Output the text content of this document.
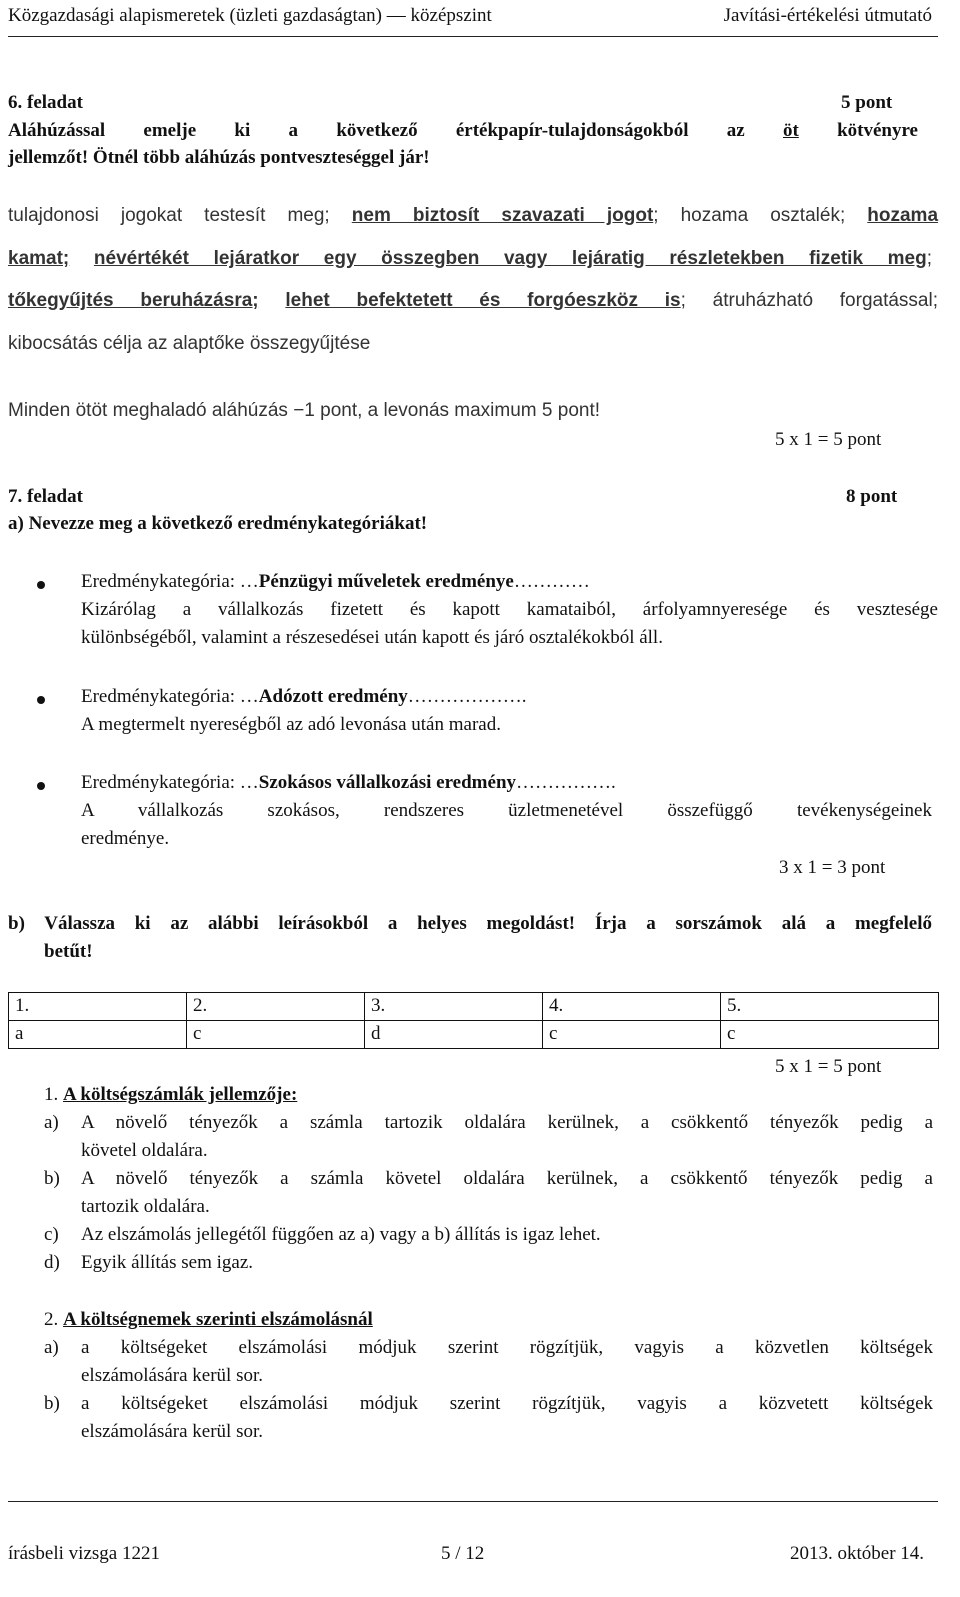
Közgazdasági alapismeretek (üzleti gazdaságtan) — középszint	Javítási-értékelési útmutató
6. feladat	5 pont
Aláhúzással emelje ki a következő értékpapír-tulajdonságokból az öt kötvényre
jellemzőt! Ötnél több aláhúzás pontveszteséggel jár!
tulajdonosi jogokat testesít meg; nem biztosít szavazati jogot; hozama osztalék; hozama
kamat; névértékét lejáratkor egy összegben vagy lejáratig részletekben fizetik meg;
tőkegyűjtés beruházásra; lehet befektetett és forgóeszköz is; átruházható forgatással;
kibocsátás célja az alaptőke összegyűjtése
Minden ötöt meghaladó aláhúzás −1 pont, a levonás maximum 5 pont!
5 x 1 = 5 pont
7. feladat	8 pont
a) Nevezze meg a következő eredménykategóriákat!
Eredménykategória: …Pénzügyi műveletek eredménye…………
Kizárólag a vállalkozás fizetett és kapott kamataiból, árfolyamnyeresége és vesztesége
különbségéből, valamint a részesedései után kapott és járó osztalékokból áll.
Eredménykategória: …Adózott eredmény……………….
A megtermelt nyereségből az adó levonása után marad.
Eredménykategória: …Szokásos vállalkozási eredmény…………….
A vállalkozás szokásos, rendszeres üzletmenetével összefüggő tevékenységeinek
eredménye.
3 x 1 = 3 pont
b) Válassza ki az alábbi leírásokból a helyes megoldást! Írja a sorszámok alá a megfelelő
betűt!
1.	2.	3.	4.	5.
a	c	d	c	c
5 x 1 = 5 pont
1. A költségszámlák jellemzője:
a) A növelő tényezők a számla tartozik oldalára kerülnek, a csökkentő tényezők pedig a
követel oldalára.
b) A növelő tényezők a számla követel oldalára kerülnek, a csökkentő tényezők pedig a
tartozik oldalára.
c) Az elszámolás jellegétől függően az a) vagy a b) állítás is igaz lehet.
d) Egyik állítás sem igaz.
2. A költségnemek szerinti elszámolásnál
a) a költségeket elszámolási módjuk szerint rögzítjük, vagyis a közvetlen költségek
elszámolására kerül sor.
b) a költségeket elszámolási módjuk szerint rögzítjük, vagyis a közvetett költségek
elszámolására kerül sor.
írásbeli vizsga 1221	5 / 12	2013. október 14.
